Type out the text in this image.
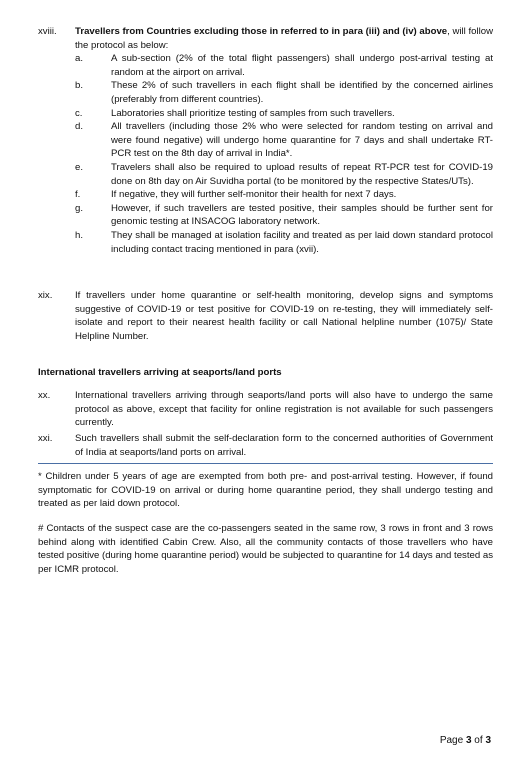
xviii.	Travellers from Countries excluding those in referred to in para (iii) and (iv) above, will follow the protocol as below:
a.	A sub-section (2% of the total flight passengers) shall undergo post-arrival testing at random at the airport on arrival.
b.	These 2% of such travellers in each flight shall be identified by the concerned airlines (preferably from different countries).
c.	Laboratories shall prioritize testing of samples from such travellers.
d.	All travellers (including those 2% who were selected for random testing on arrival and were found negative) will undergo home quarantine for 7 days and shall undertake RT-PCR test on the 8th day of arrival in India*.
e.	Travelers shall also be required to upload results of repeat RT-PCR test for COVID-19 done on 8th day on Air Suvidha portal (to be monitored by the respective States/UTs).
f.	If negative, they will further self-monitor their health for next 7 days.
g.	However, if such travellers are tested positive, their samples should be further sent for genomic testing at INSACOG laboratory network.
h.	They shall be managed at isolation facility and treated as per laid down standard protocol including contact tracing mentioned in para (xvii).
xix.	If travellers under home quarantine or self-health monitoring, develop signs and symptoms suggestive of COVID-19 or test positive for COVID-19 on re-testing, they will immediately self-isolate and report to their nearest health facility or call National helpline number (1075)/ State Helpline Number.
International travellers arriving at seaports/land ports
xx.	International travellers arriving through seaports/land ports will also have to undergo the same protocol as above, except that facility for online registration is not available for such passengers currently.
xxi.	Such travellers shall submit the self-declaration form to the concerned authorities of Government of India at seaports/land ports on arrival.
* Children under 5 years of age are exempted from both pre- and post-arrival testing. However, if found symptomatic for COVID-19 on arrival or during home quarantine period, they shall undergo testing and treated as per laid down protocol.
# Contacts of the suspect case are the co-passengers seated in the same row, 3 rows in front and 3 rows behind along with identified Cabin Crew. Also, all the community contacts of those travellers who have tested positive (during home quarantine period) would be subjected to quarantine for 14 days and tested as per ICMR protocol.
Page 3 of 3
